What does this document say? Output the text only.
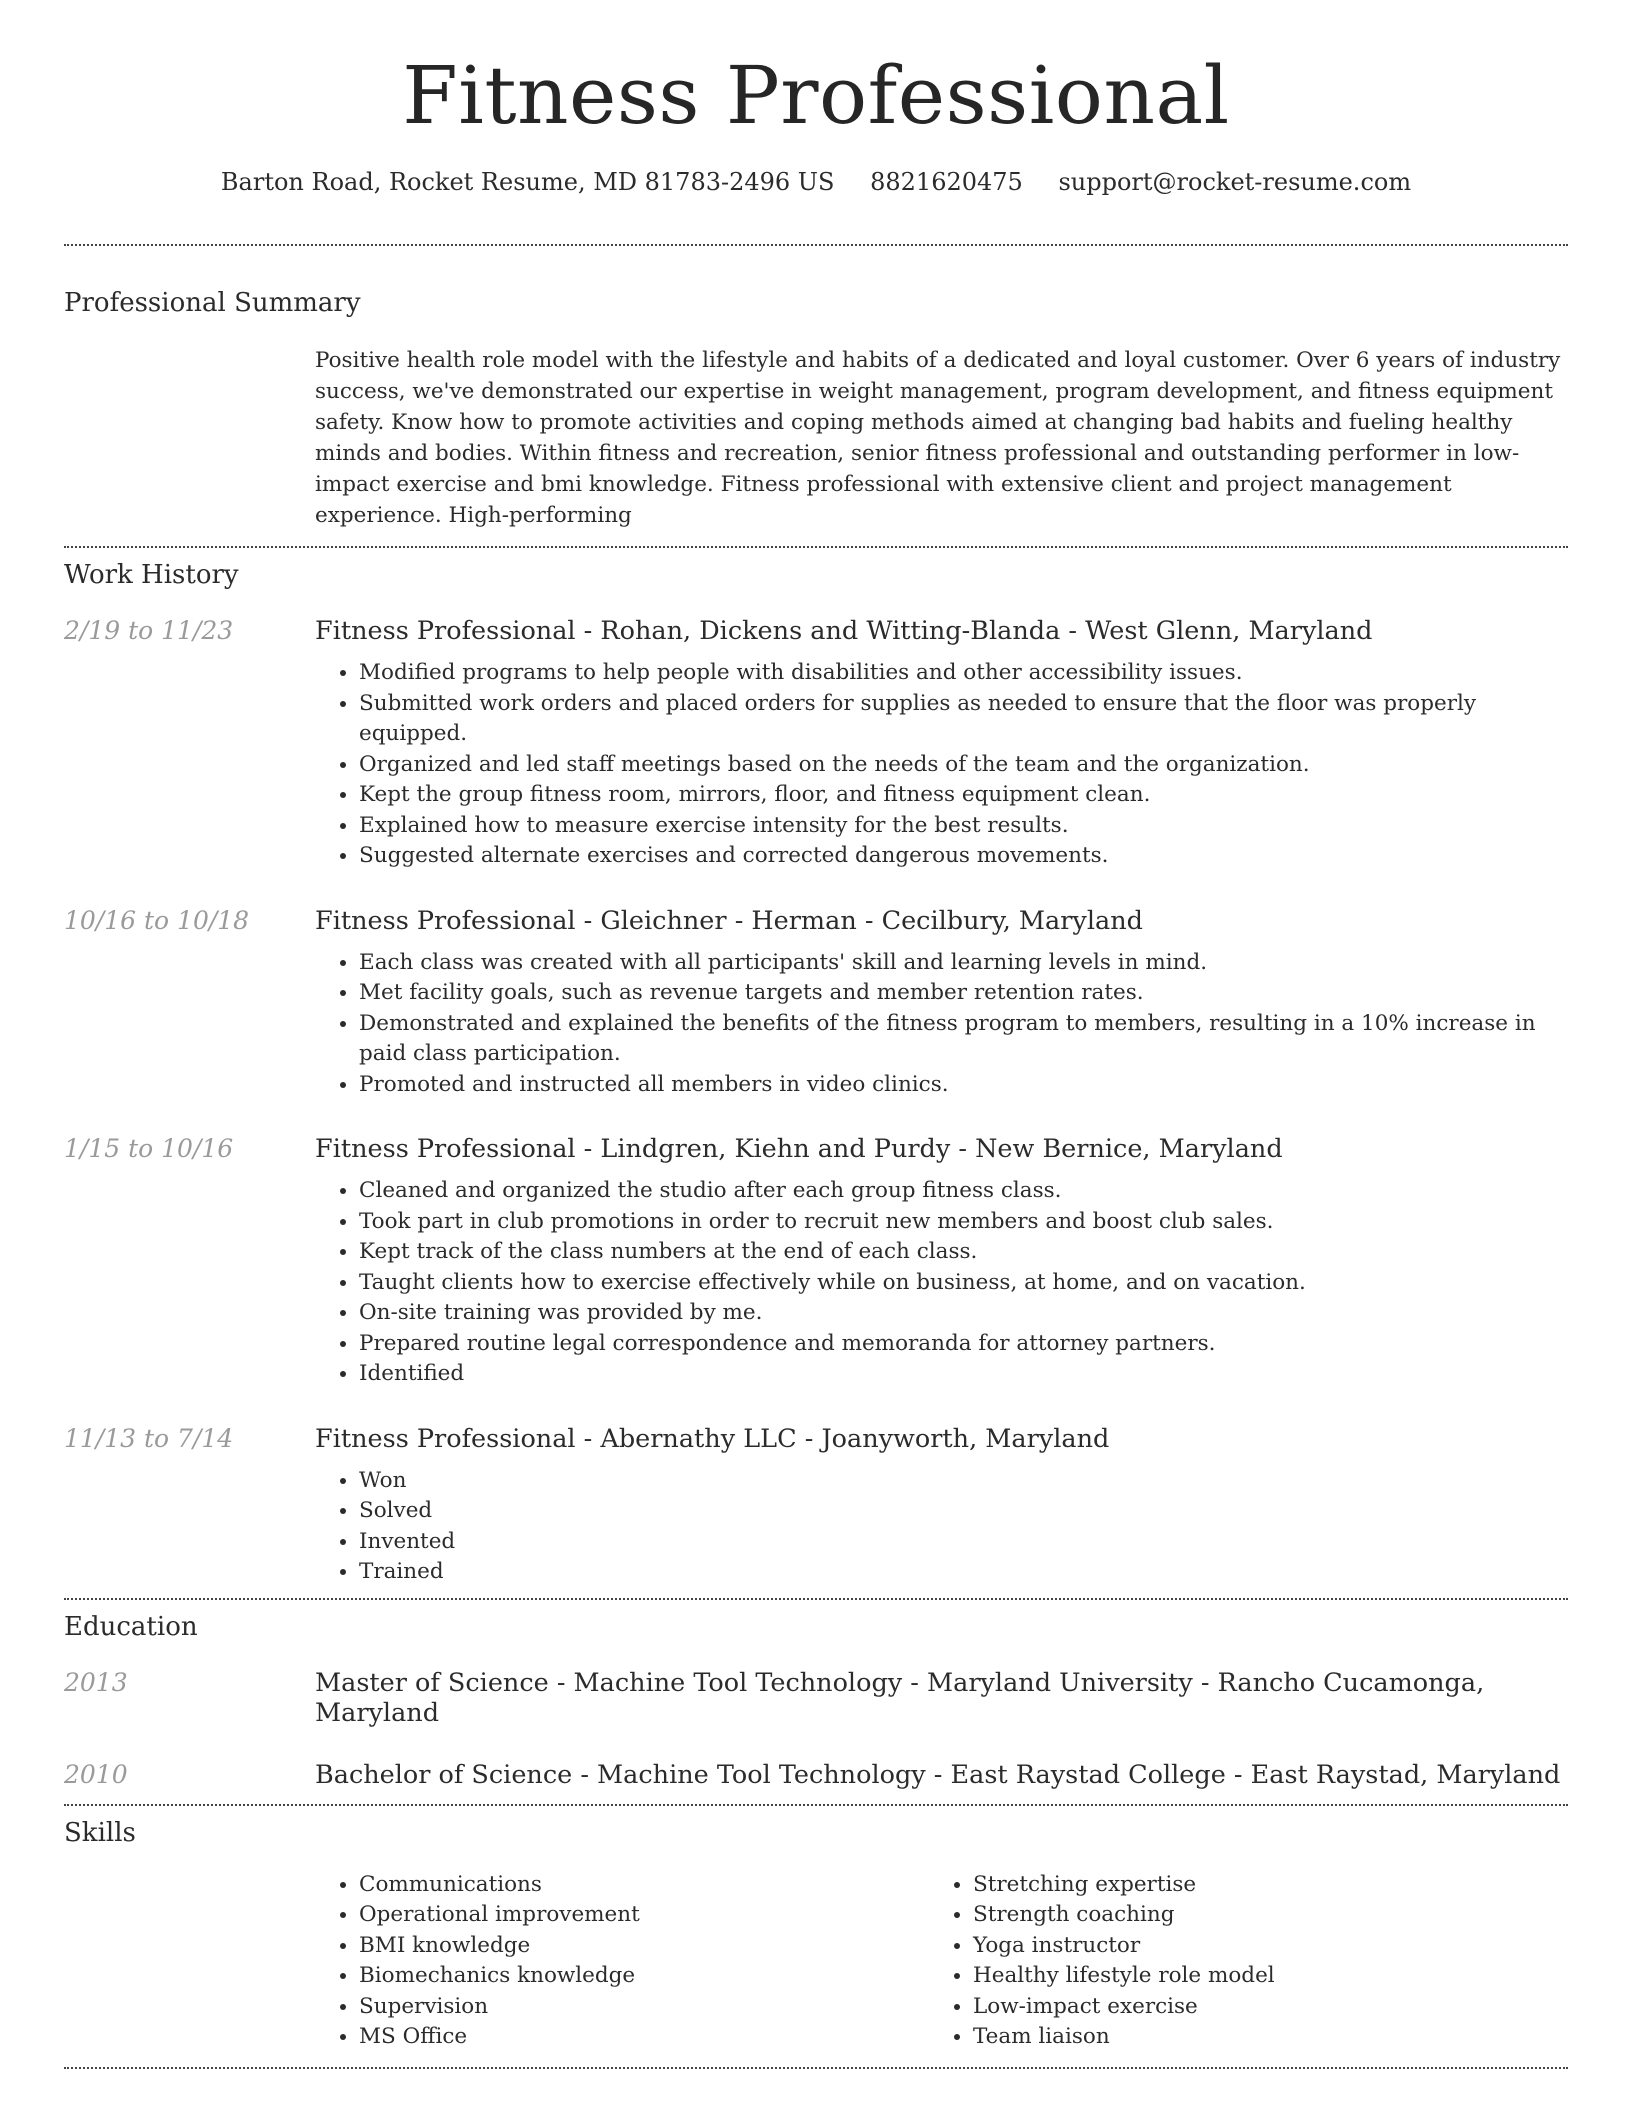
Fitness Professional
Barton Road, Rocket Resume, MD 81783-2496 US 8821620475 support@rocket-resume.com
Professional Summary

Positive health role model with the lifestyle and habits of a dedicated and loyal customer. Over 6 years of industry success, we've demonstrated our expertise in weight management, program development, and fitness equipment safety. Know how to promote activities and coping methods aimed at changing bad habits and fueling healthy minds and bodies. Within fitness and recreation, senior fitness professional and outstanding performer in low-impact exercise and bmi knowledge. Fitness professional with extensive client and project management experience. High-performing

Work History
2/19 to 11/23	Fitness Professional - Rohan, Dickens and Witting-Blanda - West Glenn, Maryland
• Modified programs to help people with disabilities and other accessibility issues.
• Submitted work orders and placed orders for supplies as needed to ensure that the floor was properly equipped.
• Organized and led staff meetings based on the needs of the team and the organization.
• Kept the group fitness room, mirrors, floor, and fitness equipment clean.
• Explained how to measure exercise intensity for the best results.
• Suggested alternate exercises and corrected dangerous movements.
10/16 to 10/18	Fitness Professional - Gleichner - Herman - Cecilbury, Maryland
• Each class was created with all participants' skill and learning levels in mind.
• Met facility goals, such as revenue targets and member retention rates.
• Demonstrated and explained the benefits of the fitness program to members, resulting in a 10% increase in paid class participation.
• Promoted and instructed all members in video clinics.
1/15 to 10/16	Fitness Professional - Lindgren, Kiehn and Purdy - New Bernice, Maryland
• Cleaned and organized the studio after each group fitness class.
• Took part in club promotions in order to recruit new members and boost club sales.
• Kept track of the class numbers at the end of each class.
• Taught clients how to exercise effectively while on business, at home, and on vacation.
• On-site training was provided by me.
• Prepared routine legal correspondence and memoranda for attorney partners.
• Identified
11/13 to 7/14	Fitness Professional - Abernathy LLC - Joanyworth, Maryland
• Won
• Solved
• Invented
• Trained
Education
2013	Master of Science - Machine Tool Technology - Maryland University - Rancho Cucamonga, Maryland
2010	Bachelor of Science - Machine Tool Technology - East Raystad College - East Raystad, Maryland
Skills
• Communications
• Operational improvement
• BMI knowledge
• Biomechanics knowledge
• Supervision
• MS Office
• Stretching expertise
• Strength coaching
• Yoga instructor
• Healthy lifestyle role model
• Low-impact exercise
• Team liaison
